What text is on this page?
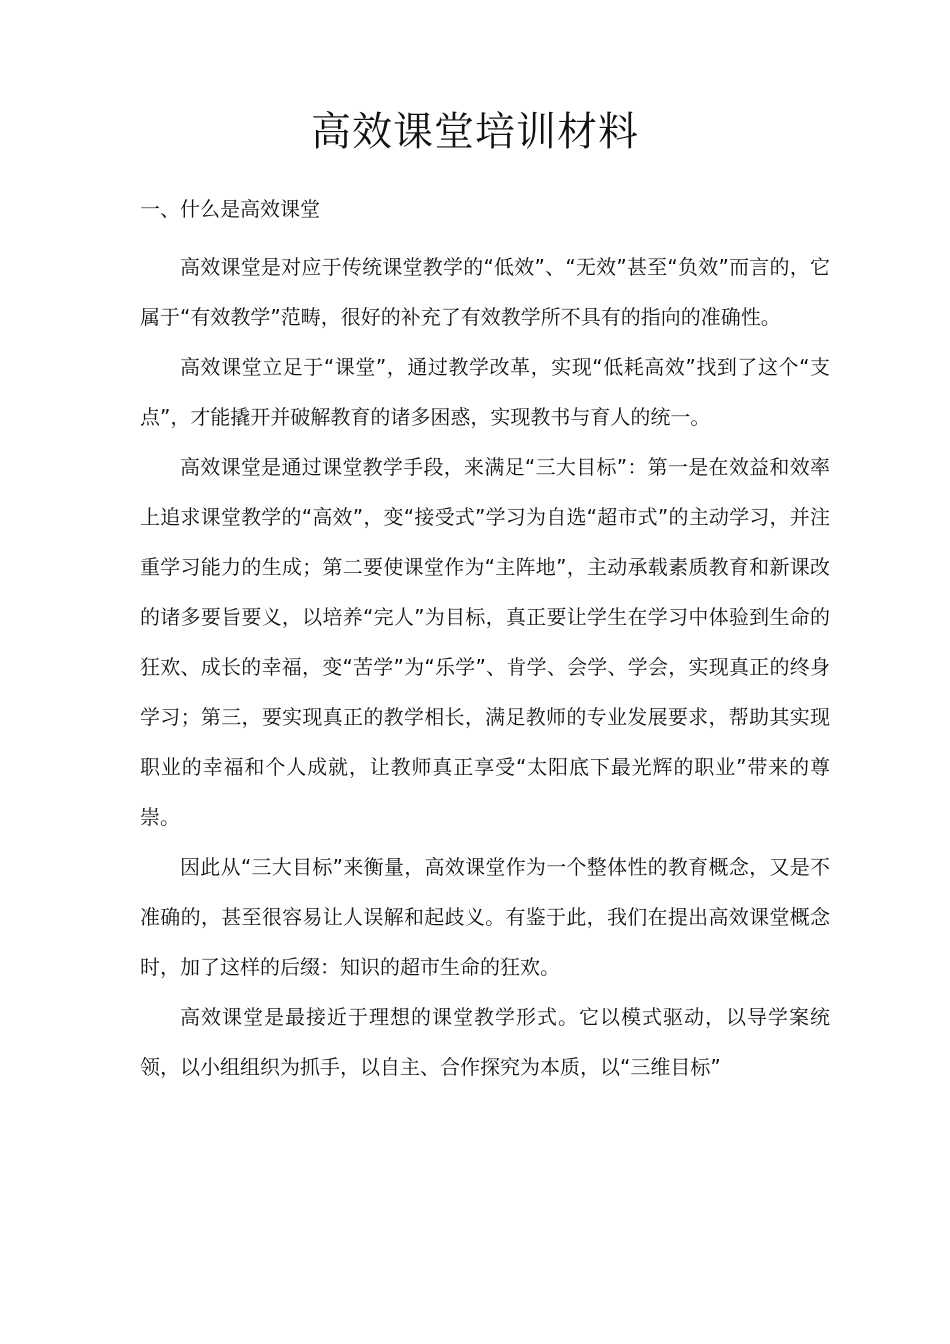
高效课堂培训材料
一、什么是高效课堂

高效课堂是对应于传统课堂教学的“低效”、“无效”甚至“负效”而言的，它属于“有效教学”范畴，很好的补充了有效教学所不具有的指向的准确性。

高效课堂立足于“课堂”，通过教学改革，实现“低耗高效”找到了这个“支点”，才能撬开并破解教育的诸多困惑，实现教书与育人的统一。

高效课堂是通过课堂教学手段，来满足“三大目标”：第一是在效益和效率上追求课堂教学的“高效”，变“接受式”学习为自选“超市式”的主动学习，并注重学习能力的生成；第二要使课堂作为“主阵地”，主动承载素质教育和新课改的诸多要旨要义，以培养“完人”为目标，真正要让学生在学习中体验到生命的狂欢、成长的幸福，变“苦学”为“乐学”、肯学、会学、学会，实现真正的终身学习；第三，要实现真正的教学相长，满足教师的专业发展要求，帮助其实现职业的幸福和个人成就，让教师真正享受“太阳底下最光辉的职业”带来的尊崇。

因此从“三大目标”来衡量，高效课堂作为一个整体性的教育概念，又是不准确的，甚至很容易让人误解和起歧义。有鉴于此，我们在提出高效课堂概念时，加了这样的后缀：知识的超市生命的狂欢。

高效课堂是最接近于理想的课堂教学形式。它以模式驱动，以导学案统领，以小组组织为抓手，以自主、合作探究为本质，以“三维目标”
